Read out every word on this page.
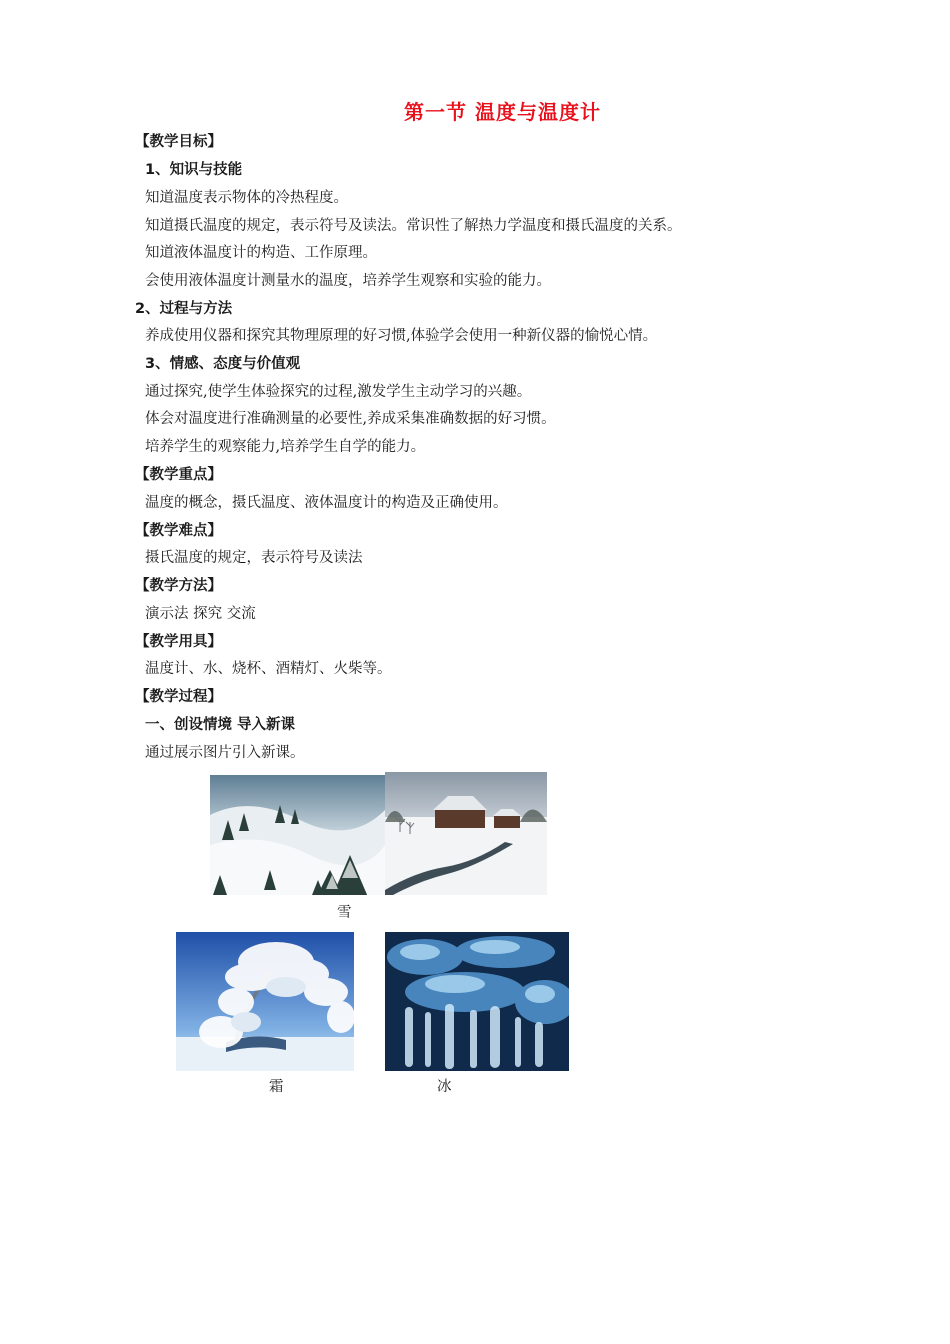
第一节 温度与温度计
【教学目标】
1、知识与技能
知道温度表示物体的冷热程度。
知道摄氏温度的规定，表示符号及读法。常识性了解热力学温度和摄氏温度的关系。
知道液体温度计的构造、工作原理。
会使用液体温度计测量水的温度，培养学生观察和实验的能力。
2、过程与方法
养成使用仪器和探究其物理原理的好习惯,体验学会使用一种新仪器的愉悦心情。
3、情感、态度与价值观
通过探究,使学生体验探究的过程,激发学生主动学习的兴趣。
体会对温度进行准确测量的必要性,养成采集准确数据的好习惯。
培养学生的观察能力,培养学生自学的能力。
【教学重点】
温度的概念，摄氏温度、液体温度计的构造及正确使用。
【教学难点】
摄氏温度的规定，表示符号及读法
【教学方法】
演示法 探究 交流
【教学用具】
温度计、水、烧杯、酒精灯、火柴等。
【教学过程】
一、创设情境 导入新课
通过展示图片引入新课。
雪
霜	冰
